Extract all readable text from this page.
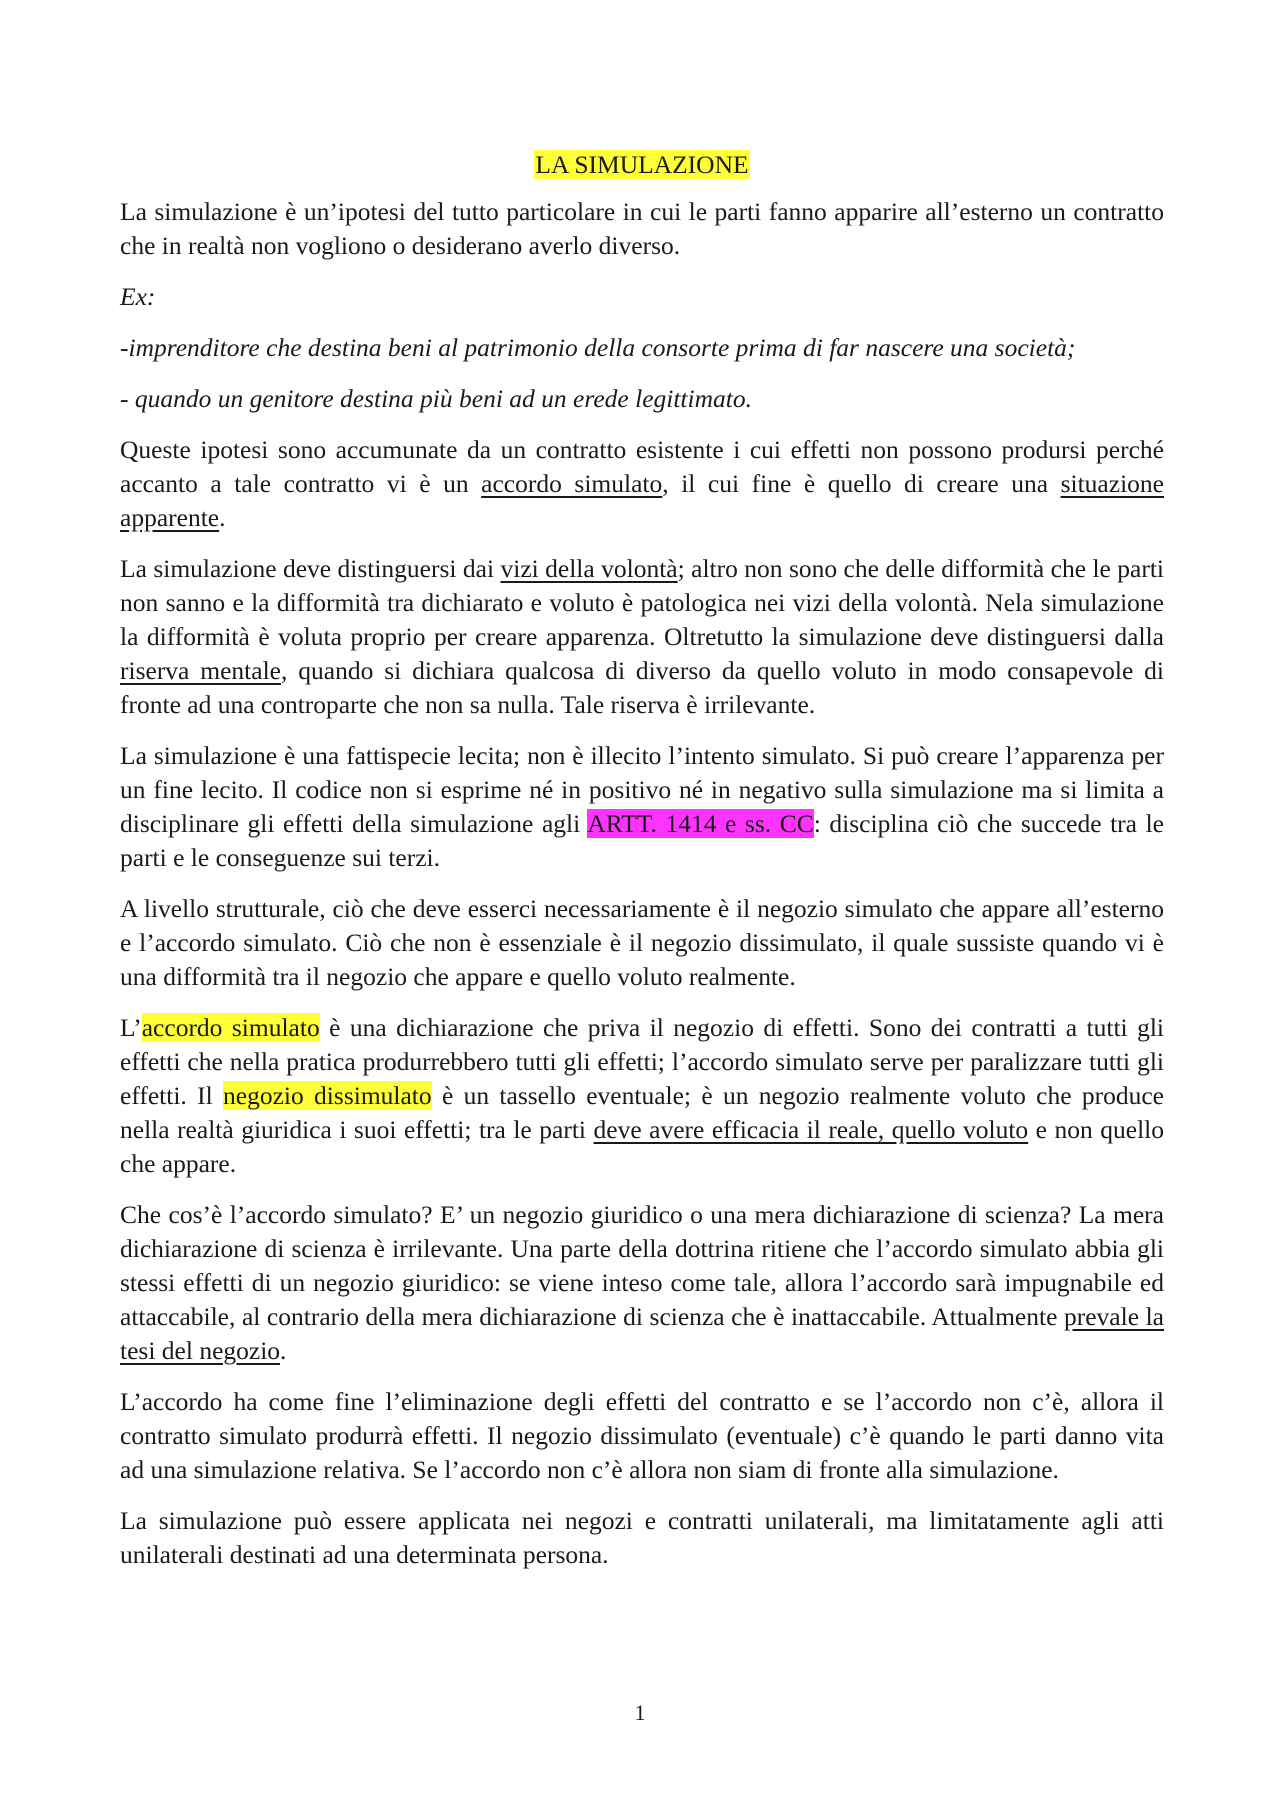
LA SIMULAZIONE

La simulazione è un’ipotesi del tutto particolare in cui le parti fanno apparire all’esterno un contratto che in realtà non vogliono o desiderano averlo diverso.

Ex:

-imprenditore che destina beni al patrimonio della consorte prima di far nascere una società;

- quando un genitore destina più beni ad un erede legittimato.

Queste ipotesi sono accumunate da un contratto esistente i cui effetti non possono prodursi perché accanto a tale contratto vi è un accordo simulato, il cui fine è quello di creare una situazione apparente.

La simulazione deve distinguersi dai vizi della volontà; altro non sono che delle difformità che le parti non sanno e la difformità tra dichiarato e voluto è patologica nei vizi della volontà. Nela simulazione la difformità è voluta proprio per creare apparenza. Oltretutto la simulazione deve distinguersi dalla riserva mentale, quando si dichiara qualcosa di diverso da quello voluto in modo consapevole di fronte ad una controparte che non sa nulla. Tale riserva è irrilevante.

La simulazione è una fattispecie lecita; non è illecito l’intento simulato. Si può creare l’apparenza per un fine lecito. Il codice non si esprime né in positivo né in negativo sulla simulazione ma si limita a disciplinare gli effetti della simulazione agli ARTT. 1414 e ss. CC: disciplina ciò che succede tra le parti e le conseguenze sui terzi.

A livello strutturale, ciò che deve esserci necessariamente è il negozio simulato che appare all’esterno e l’accordo simulato. Ciò che non è essenziale è il negozio dissimulato, il quale sussiste quando vi è una difformità tra il negozio che appare e quello voluto realmente.

L’accordo simulato è una dichiarazione che priva il negozio di effetti. Sono dei contratti a tutti gli effetti che nella pratica produrrebbero tutti gli effetti; l’accordo simulato serve per paralizzare tutti gli effetti. Il negozio dissimulato è un tassello eventuale; è un negozio realmente voluto che produce nella realtà giuridica i suoi effetti; tra le parti deve avere efficacia il reale, quello voluto e non quello che appare.

Che cos’è l’accordo simulato? E’ un negozio giuridico o una mera dichiarazione di scienza? La mera dichiarazione di scienza è irrilevante. Una parte della dottrina ritiene che l’accordo simulato abbia gli stessi effetti di un negozio giuridico: se viene inteso come tale, allora l’accordo sarà impugnabile ed attaccabile, al contrario della mera dichiarazione di scienza che è inattaccabile. Attualmente prevale la tesi del negozio.

L’accordo ha come fine l’eliminazione degli effetti del contratto e se l’accordo non c’è, allora il contratto simulato produrrà effetti. Il negozio dissimulato (eventuale) c’è quando le parti danno vita ad una simulazione relativa. Se l’accordo non c’è allora non siam di fronte alla simulazione.

La simulazione può essere applicata nei negozi e contratti unilaterali, ma limitatamente agli atti unilaterali destinati ad una determinata persona.

1
